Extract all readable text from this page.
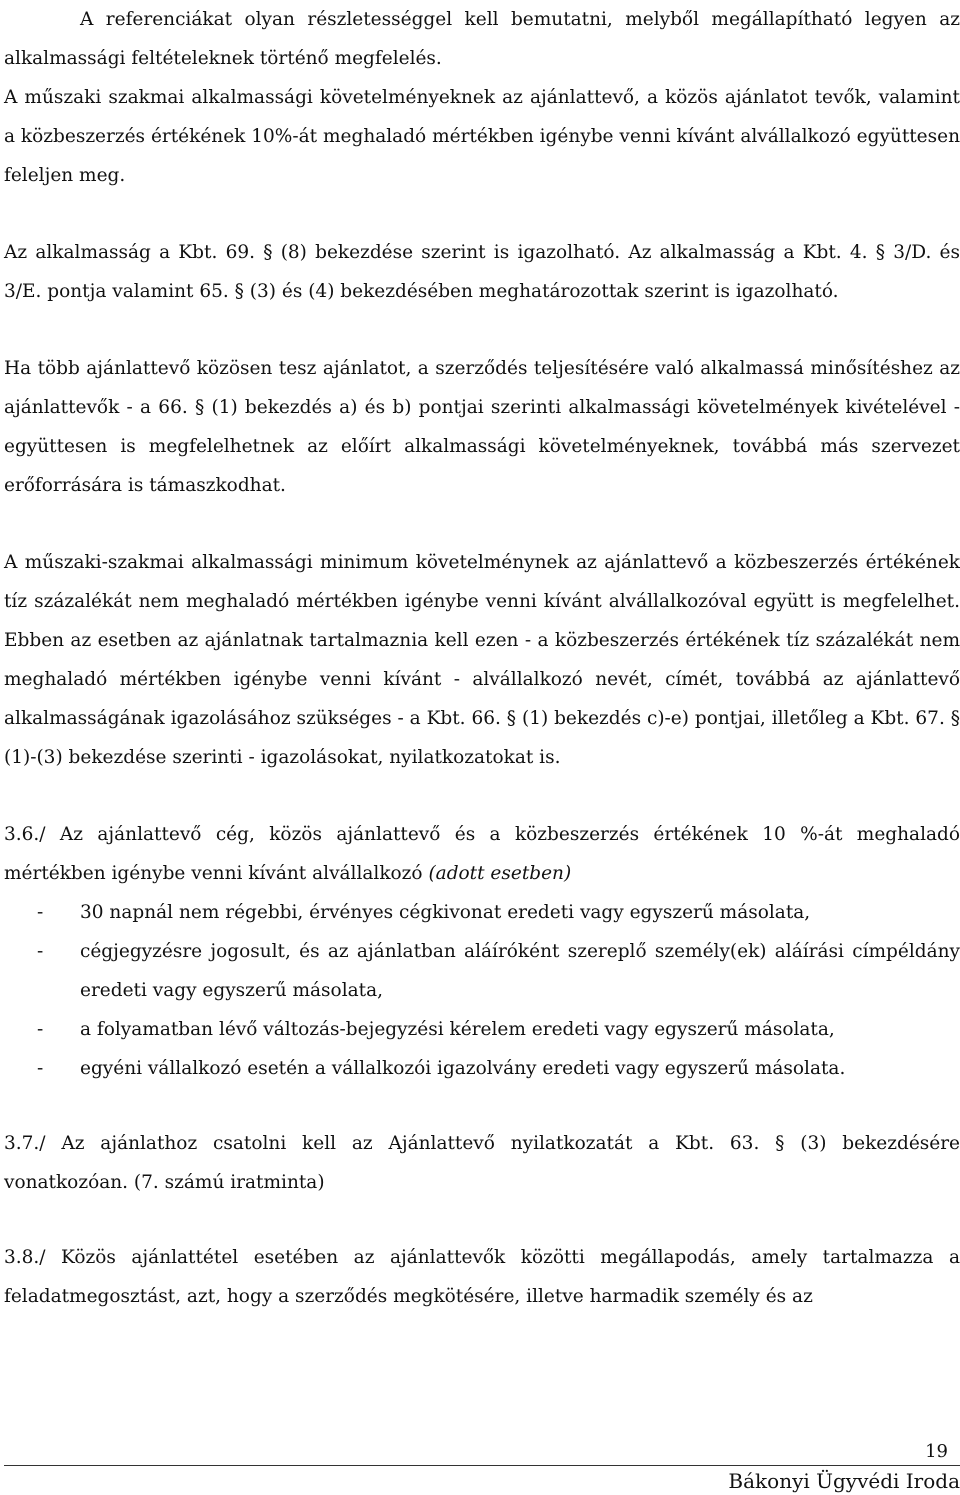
A referenciákat olyan részletességgel kell bemutatni, melyből megállapítható legyen az alkalmassági feltételeknek történő megfelelés.

A műszaki szakmai alkalmassági követelményeknek az ajánlattevő, a közös ajánlatot tevők, valamint a közbeszerzés értékének 10%-át meghaladó mértékben igénybe venni kívánt alvállalkozó együttesen feleljen meg.

Az alkalmasság a Kbt. 69. § (8) bekezdése szerint is igazolható. Az alkalmasság a Kbt. 4. § 3/D. és 3/E. pontja valamint 65. § (3) és (4) bekezdésében meghatározottak szerint is igazolható.

Ha több ajánlattevő közösen tesz ajánlatot, a szerződés teljesítésére való alkalmassá minősítéshez az ajánlattevők - a 66. § (1) bekezdés a) és b) pontjai szerinti alkalmassági követelmények kivételével - együttesen is megfelelhetnek az előírt alkalmassági követelményeknek, továbbá más szervezet erőforrására is támaszkodhat.

A műszaki-szakmai alkalmassági minimum követelménynek az ajánlattevő a közbeszerzés értékének tíz százalékát nem meghaladó mértékben igénybe venni kívánt alvállalkozóval együtt is megfelelhet. Ebben az esetben az ajánlatnak tartalmaznia kell ezen - a közbeszerzés értékének tíz százalékát nem meghaladó mértékben igénybe venni kívánt - alvállalkozó nevét, címét, továbbá az ajánlattevő alkalmasságának igazolásához szükséges - a Kbt. 66. § (1) bekezdés c)-e) pontjai, illetőleg a Kbt. 67. § (1)-(3) bekezdése szerinti - igazolásokat, nyilatkozatokat is.

3.6./ Az ajánlattevő cég, közös ajánlattevő és a közbeszerzés értékének 10 %-át meghaladó mértékben igénybe venni kívánt alvállalkozó (adott esetben)

- 30 napnál nem régebbi, érvényes cégkivonat eredeti vagy egyszerű másolata,
- cégjegyzésre jogosult, és az ajánlatban aláíróként szereplő személy(ek) aláírási címpéldány eredeti vagy egyszerű másolata,
- a folyamatban lévő változás-bejegyzési kérelem eredeti vagy egyszerű másolata,
- egyéni vállalkozó esetén a vállalkozói igazolvány eredeti vagy egyszerű másolata.

3.7./ Az ajánlathoz csatolni kell az Ajánlattevő nyilatkozatát a Kbt. 63. § (3) bekezdésére vonatkozóan. (7. számú iratminta)

3.8./ Közös ajánlattétel esetében az ajánlattevők közötti megállapodás, amely tartalmazza a feladatmegosztást, azt, hogy a szerződés megkötésére, illetve harmadik személy és az

19
Bákonyi Ügyvédi Iroda
